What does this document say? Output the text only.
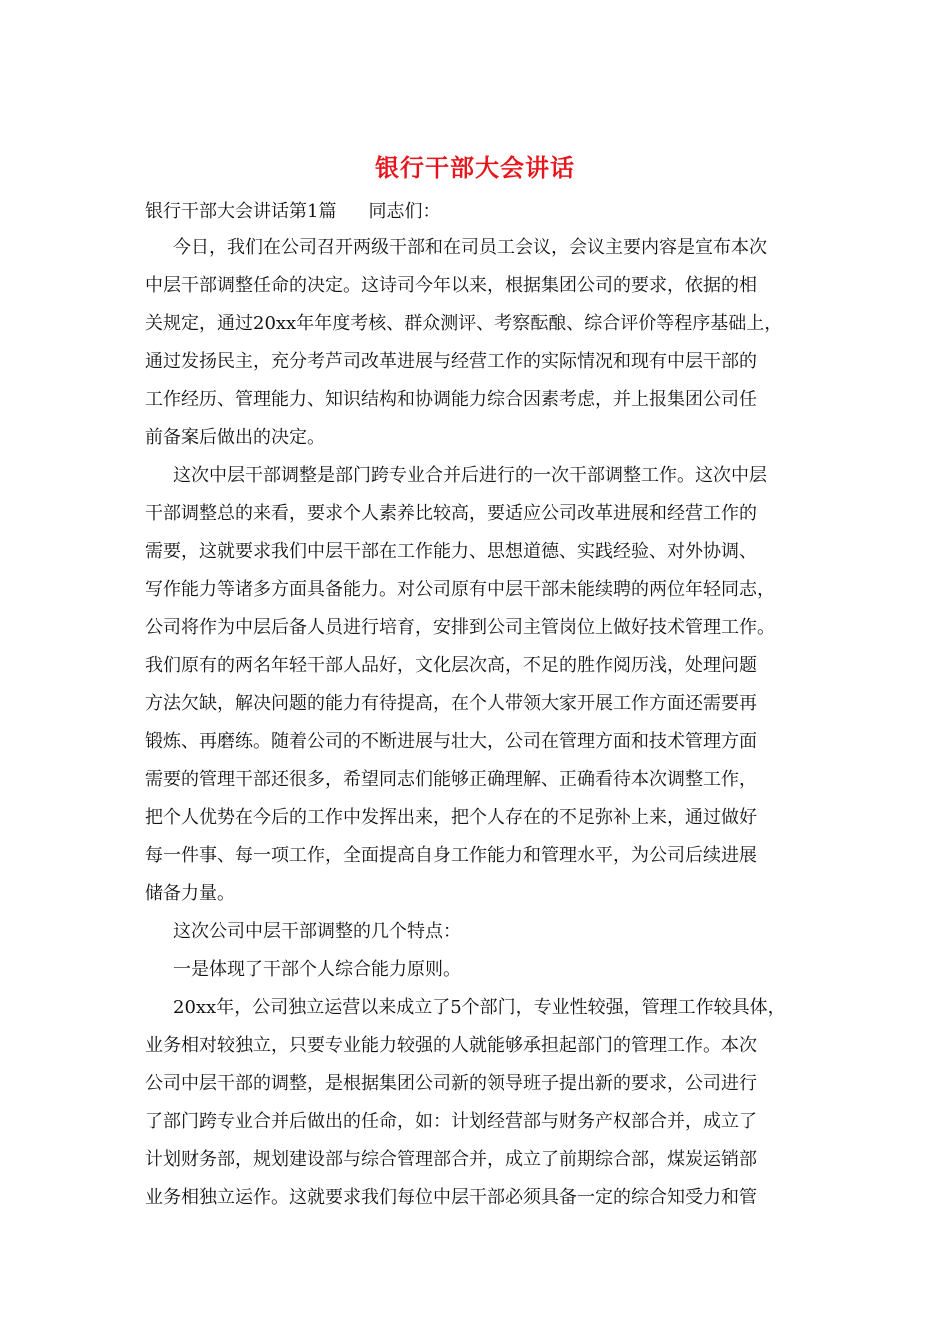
银行干部大会讲话
银行干部大会讲话第1篇 同志们：
今日，我们在公司召开两级干部和在司员工会议，会议主要内容是宣布本次
中层干部调整任命的决定。这诗司今年以来，根据集团公司的要求，依据的相
关规定，通过20xx年年度考核、群众测评、考察酝酿、综合评价等程序基础上，
通过发扬民主，充分考芦司改革进展与经营工作的实际情况和现有中层干部的
工作经历、管理能力、知识结构和协调能力综合因素考虑，并上报集团公司任
前备案后做出的决定。
这次中层干部调整是部门跨专业合并后进行的一次干部调整工作。这次中层
干部调整总的来看，要求个人素养比较高，要适应公司改革进展和经营工作的
需要，这就要求我们中层干部在工作能力、思想道德、实践经验、对外协调、
写作能力等诸多方面具备能力。对公司原有中层干部未能续聘的两位年轻同志，
公司将作为中层后备人员进行培育，安排到公司主管岗位上做好技术管理工作。
我们原有的两名年轻干部人品好，文化层次高，不足的胜作阅历浅，处理问题
方法欠缺，解决问题的能力有待提高，在个人带领大家开展工作方面还需要再
锻炼、再磨练。随着公司的不断进展与壮大，公司在管理方面和技术管理方面
需要的管理干部还很多，希望同志们能够正确理解、正确看待本次调整工作，
把个人优势在今后的工作中发挥出来，把个人存在的不足弥补上来，通过做好
每一件事、每一项工作，全面提高自身工作能力和管理水平，为公司后续进展
储备力量。
这次公司中层干部调整的几个特点：
一是体现了干部个人综合能力原则。
20xx年，公司独立运营以来成立了5个部门，专业性较强，管理工作较具体，
业务相对较独立，只要专业能力较强的人就能够承担起部门的管理工作。本次
公司中层干部的调整，是根据集团公司新的领导班子提出新的要求，公司进行
了部门跨专业合并后做出的任命，如：计划经营部与财务产权部合并，成立了
计划财务部，规划建设部与综合管理部合并，成立了前期综合部，煤炭运销部
业务相独立运作。这就要求我们每位中层干部必须具备一定的综合知受力和管
